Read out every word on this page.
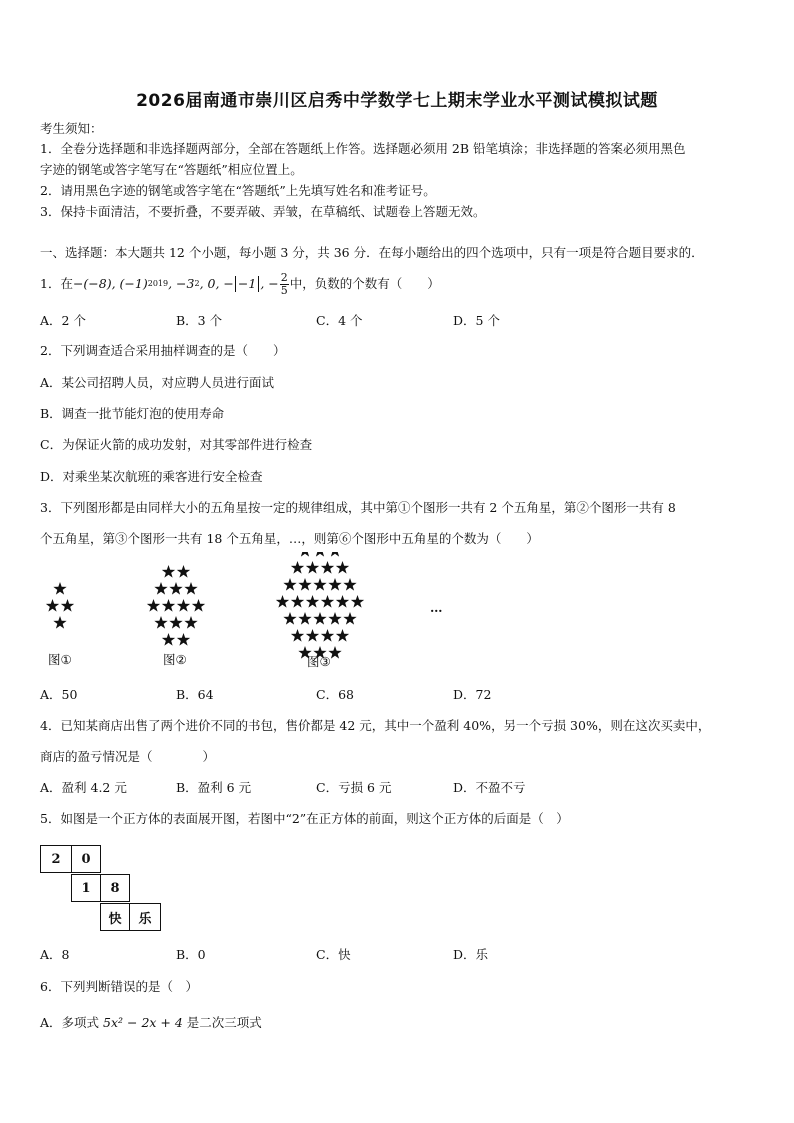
2026届南通市崇川区启秀中学数学七上期末学业水平测试模拟试题
考生须知：
1．全卷分选择题和非选择题两部分，全部在答题纸上作答。选择题必须用 2B 铅笔填涂；非选择题的答案必须用黑色
字迹的钢笔或答字笔写在“答题纸”相应位置上。
2．请用黑色字迹的钢笔或答字笔在“答题纸”上先填写姓名和准考证号。
3．保持卡面清洁，不要折叠，不要弄破、弄皱，在草稿纸、试题卷上答题无效。
一、选择题：本大题共 12 个小题，每小题 3 分，共 36 分．在每小题给出的四个选项中，只有一项是符合题目要求的．
1．在 −(−8), (−1) 2019 , −3 2 , 0, − −1 , − $\frac{2}{5}$ 中，负数的个数有（　　）
A．2 个	B．3 个	C．4 个	D．5 个
2．下列调查适合采用抽样调查的是（　　）
A．某公司招聘人员，对应聘人员进行面试
B．调查一批节能灯泡的使用寿命
C．为保证火箭的成功发射，对其零部件进行检查
D．对乘坐某次航班的乘客进行安全检查
3．下列图形都是由同样大小的五角星按一定的规律组成，其中第①个图形一共有 2 个五角星，第②个图形一共有 8
个五角星，第③个图形一共有 18 个五角星，…，则第⑥个图形中五角星的个数为（　　）
图①	图②	图③
…
A．50	B．64	C．68	D．72
4．已知某商店出售了两个进价不同的书包，售价都是 42 元，其中一个盈利 40%，另一个亏损 30%，则在这次买卖中，
商店的盈亏情况是（　　　　）
A．盈利 4.2 元	B．盈利 6 元	C．亏损 6 元	D．不盈不亏
5．如图是一个正方体的表面展开图，若图中“2”在正方体的前面，则这个正方体的后面是（　）
2	0
1	8
快	乐
A．8	B．0	C．快	D．乐
6．下列判断错误的是（　）
A．多项式 5x² − 2x + 4 是二次三项式
